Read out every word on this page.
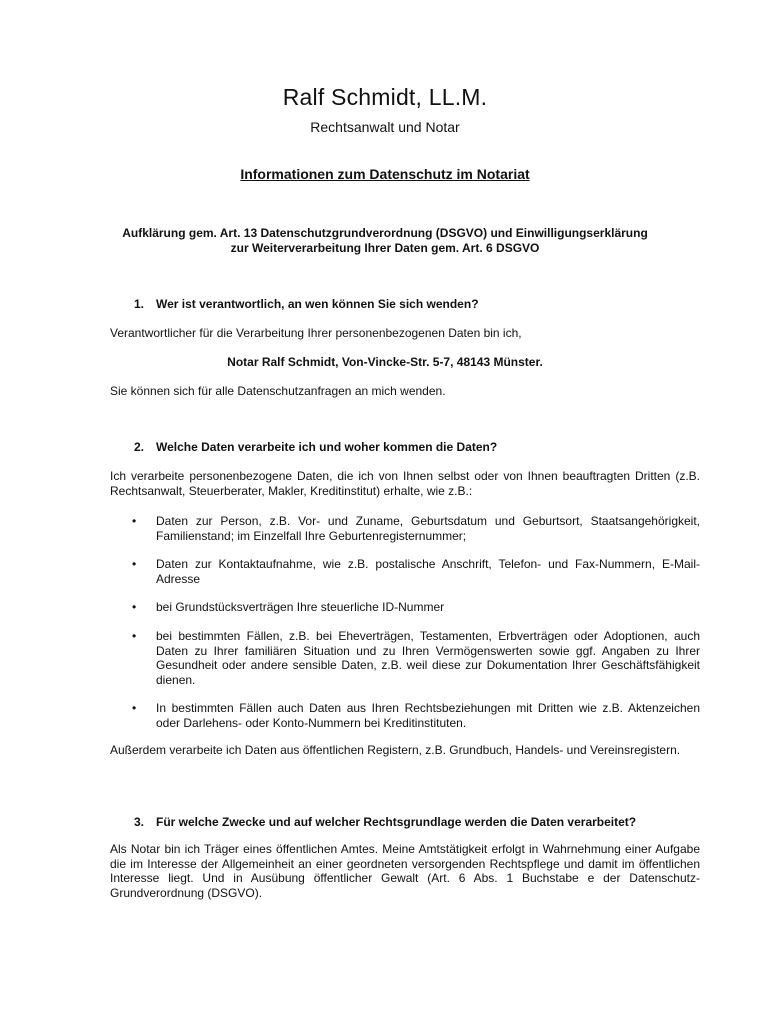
Ralf Schmidt, LL.M.

Rechtsanwalt und Notar

Informationen zum Datenschutz im Notariat

Aufklärung gem. Art. 13 Datenschutzgrundverordnung (DSGVO) und Einwilligungserklärung
zur Weiterverarbeitung Ihrer Daten gem. Art. 6 DSGVO
1. Wer ist verantwortlich, an wen können Sie sich wenden?

Verantwortlicher für die Verarbeitung Ihrer personenbezogenen Daten bin ich,

Notar Ralf Schmidt, Von-Vincke-Str. 5-7, 48143 Münster.

Sie können sich für alle Datenschutzanfragen an mich wenden.

2. Welche Daten verarbeite ich und woher kommen die Daten?

Ich verarbeite personenbezogene Daten, die ich von Ihnen selbst oder von Ihnen beauftragten Dritten (z.B. Rechtsanwalt, Steuerberater, Makler, Kreditinstitut) erhalte, wie z.B.:

• Daten zur Person, z.B. Vor- und Zuname, Geburtsdatum und Geburtsort, Staatsangehörigkeit, Familienstand; im Einzelfall Ihre Geburtenregisternummer;

• Daten zur Kontaktaufnahme, wie z.B. postalische Anschrift, Telefon- und Fax-Nummern, E-Mail-Adresse

• bei Grundstücksverträgen Ihre steuerliche ID-Nummer

• bei bestimmten Fällen, z.B. bei Eheverträgen, Testamenten, Erbverträgen oder Adoptionen, auch Daten zu Ihrer familiären Situation und zu Ihren Vermögenswerten sowie ggf. Angaben zu Ihrer Gesundheit oder andere sensible Daten, z.B. weil diese zur Dokumentation Ihrer Geschäftsfähigkeit dienen.

• In bestimmten Fällen auch Daten aus Ihren Rechtsbeziehungen mit Dritten wie z.B. Aktenzeichen oder Darlehens- oder Konto-Nummern bei Kreditinstituten.

Außerdem verarbeite ich Daten aus öffentlichen Registern, z.B. Grundbuch, Handels- und Vereinsregistern.

3. Für welche Zwecke und auf welcher Rechtsgrundlage werden die Daten verarbeitet?

Als Notar bin ich Träger eines öffentlichen Amtes. Meine Amtstätigkeit erfolgt in Wahrnehmung einer Aufgabe die im Interesse der Allgemeinheit an einer geordneten versorgenden Rechtspflege und damit im öffentlichen Interesse liegt. Und in Ausübung öffentlicher Gewalt (Art. 6 Abs. 1 Buchstabe e der Datenschutz-Grundverordnung (DSGVO).
